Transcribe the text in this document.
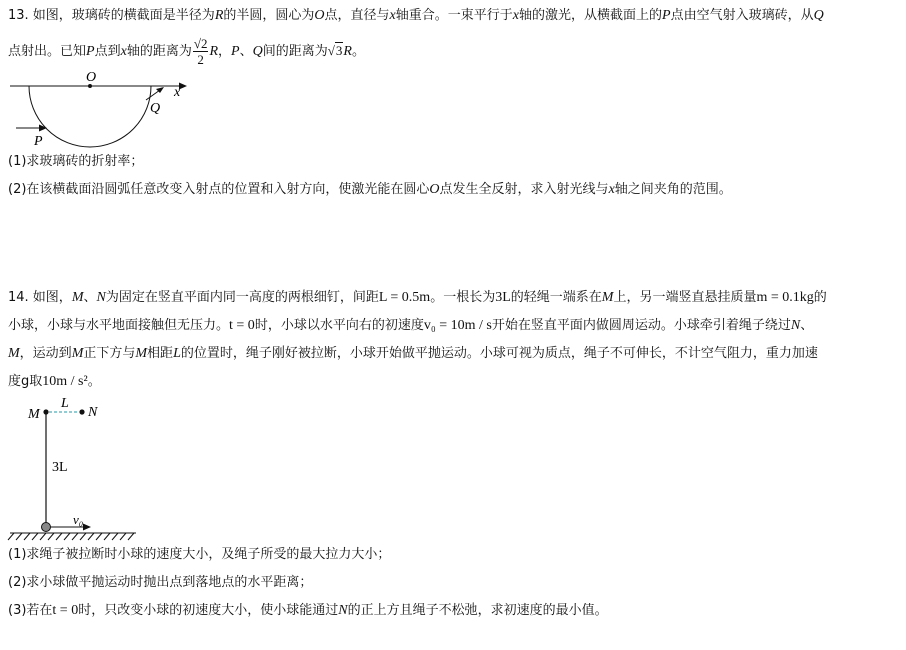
13. 如图，玻璃砖的横截面是半径为R的半圆，圆心为O点，直径与x轴重合。一束平行于x轴的激光，从横截面上的P点由空气射入玻璃砖，从Q
点射出。已知P点到x轴的距离为 $\frac{√2}{2}$ R，P、Q间的距离为√3R。
O
x
Q
P
(1)求玻璃砖的折射率；
(2)在该横截面沿圆弧任意改变入射点的位置和入射方向，使激光能在圆心O点发生全反射，求入射光线与x轴之间夹角的范围。
14. 如图，M、N为固定在竖直平面内同一高度的两根细钉，间距L = 0.5m。一根长为3L的轻绳一端系在M上，另一端竖直悬挂质量m = 0.1kg的
小球，小球与水平地面接触但无压力。t = 0时，小球以水平向右的初速度v₀ = 10m / s开始在竖直平面内做圆周运动。小球牵引着绳子绕过N、
M，运动到M正下方与M相距L的位置时，绳子刚好被拉断，小球开始做平抛运动。小球可视为质点，绳子不可伸长，不计空气阻力，重力加速
度g取10m / s²。
M
L
N
3L
v₀
(1)求绳子被拉断时小球的速度大小，及绳子所受的最大拉力大小；
(2)求小球做平抛运动时抛出点到落地点的水平距离；
(3)若在t = 0时，只改变小球的初速度大小，使小球能通过N的正上方且绳子不松弛，求初速度的最小值。
